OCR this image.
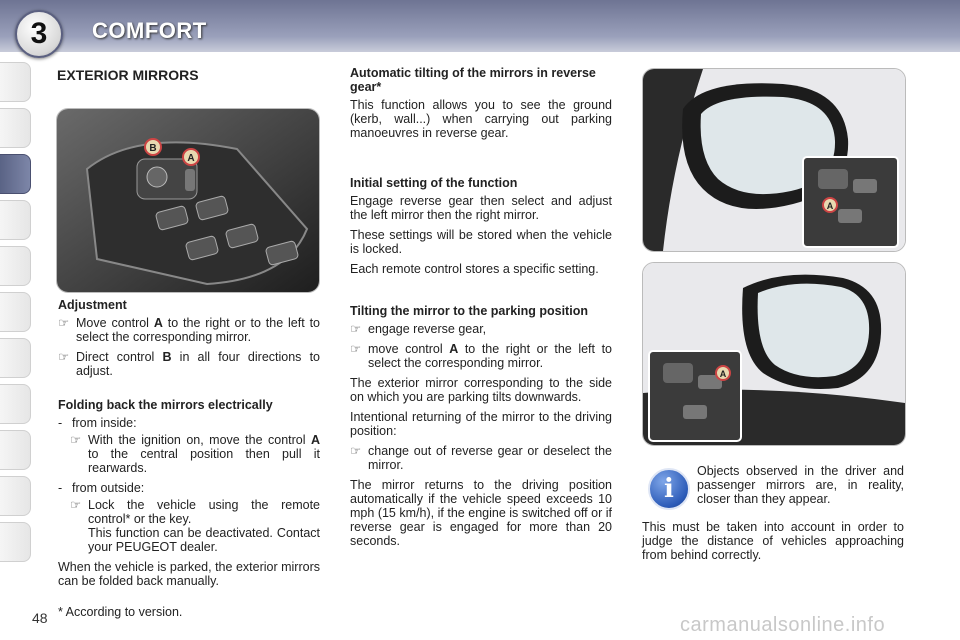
3	COMFORT
EXTERIOR MIRRORS
B
A
Adjustment
☞ Move control A to the right or to the left to select the corresponding mirror.
☞ Direct control B in all four directions to adjust.
Folding back the mirrors electrically
- from inside:
☞ With the ignition on, move the control A to the central position then pull it rearwards.
- from outside:
☞ Lock the vehicle using the remote control* or the key.
This function can be deactivated. Contact your PEUGEOT dealer.

When the vehicle is parked, the exterior mirrors can be folded back manually.

Automatic tilting of the mirrors in reverse gear*

This function allows you to see the ground (kerb, wall...) when carrying out parking manoeuvres in reverse gear.

Initial setting of the function

Engage reverse gear then select and adjust the left mirror then the right mirror.

These settings will be stored when the vehicle is locked.

Each remote control stores a specific setting.

Tilting the mirror to the parking position
☞ engage reverse gear,
☞ move control A to the right or the left to select the corresponding mirror.

The exterior mirror corresponding to the side on which you are parking tilts downwards.

Intentional returning of the mirror to the driving position:

☞ change out of reverse gear or deselect the mirror.

The mirror returns to the driving position automatically if the vehicle speed exceeds 10 mph (15 km/h), if the engine is switched off or if reverse gear is engaged for more than 20 seconds.

A
A
i
Objects observed in the driver and passenger mirrors are, in reality, closer than they appear.
This must be taken into account in order to judge the distance of vehicles approaching from behind correctly.
48 * According to version.
carmanualsonline.info
